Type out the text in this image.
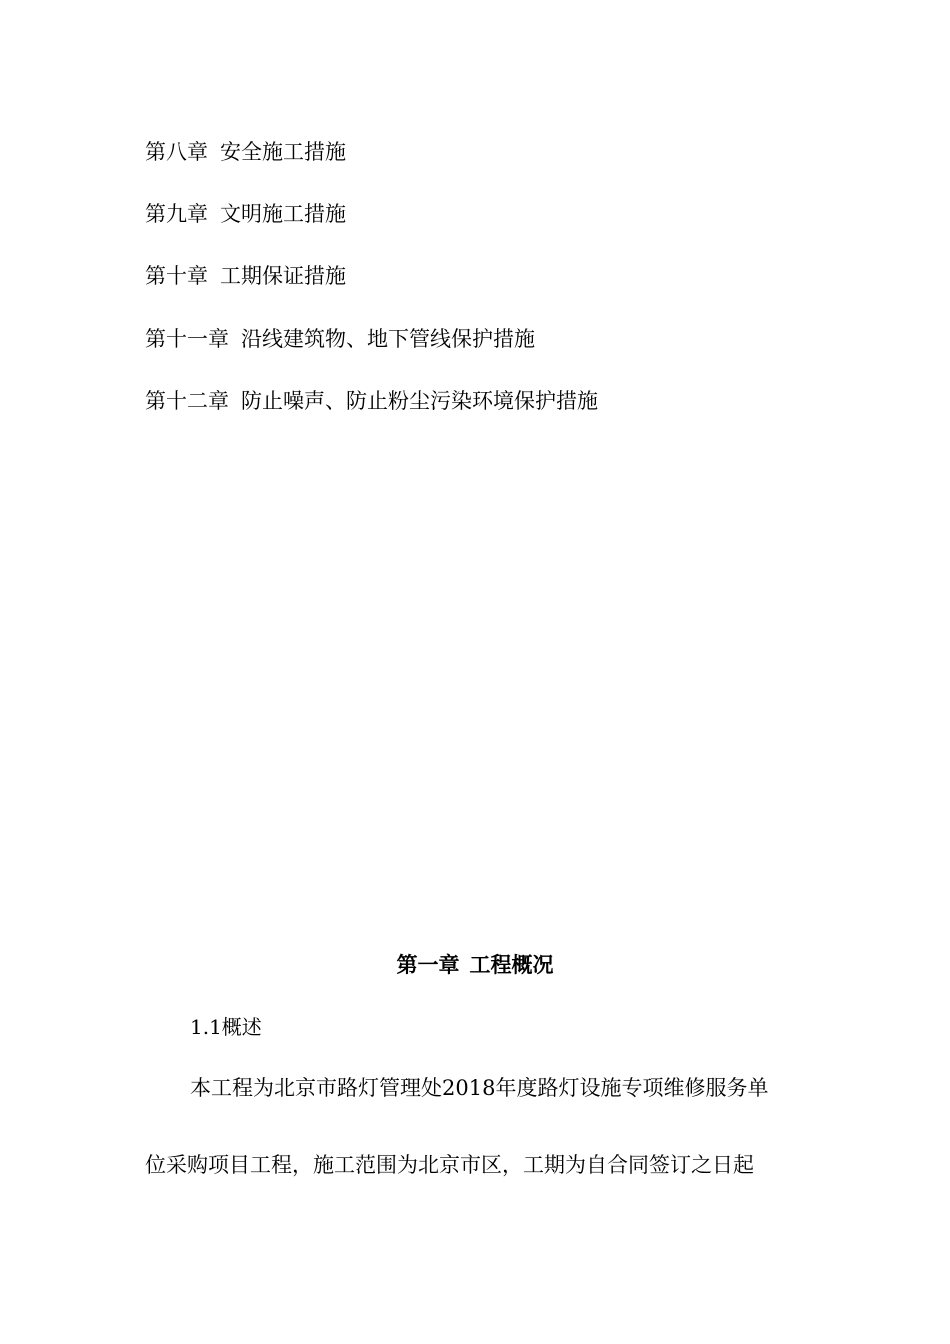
第八章 安全施工措施
第九章 文明施工措施
第十章 工期保证措施
第十一章 沿线建筑物、地下管线保护措施
第十二章 防止噪声、防止粉尘污染环境保护措施
第一章 工程概况
1.1概述
本工程为北京市路灯管理处2018年度路灯设施专项维修服务单
位采购项目工程，施工范围为北京市区，工期为自合同签订之日起
